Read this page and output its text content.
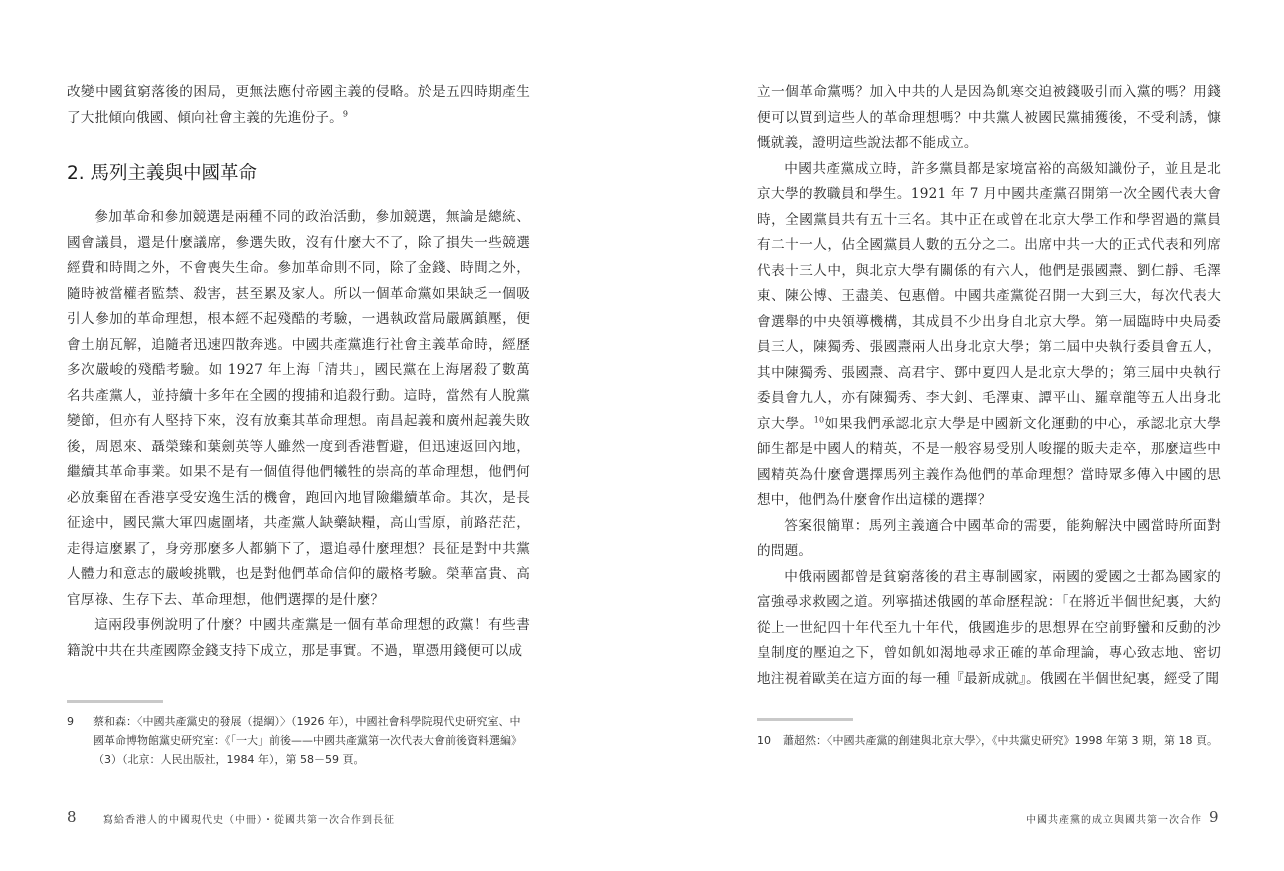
改變中國貧窮落後的困局，更無法應付帝國主義的侵略。於是五四時期產生了大批傾向俄國、傾向社會主義的先進份子。$^9$

2. 馬列主義與中國革命

參加革命和參加競選是兩種不同的政治活動，參加競選，無論是總統、國會議員，還是什麼議席，參選失敗，沒有什麼大不了，除了損失一些競選經費和時間之外，不會喪失生命。參加革命則不同，除了金錢、時間之外，隨時被當權者監禁、殺害，甚至累及家人。所以一個革命黨如果缺乏一個吸引人參加的革命理想，根本經不起殘酷的考驗，一遇執政當局嚴厲鎮壓，便會土崩瓦解，追隨者迅速四散奔逃。中國共產黨進行社會主義革命時，經歷多次嚴峻的殘酷考驗。如 1927 年上海「清共」，國民黨在上海屠殺了數萬名共產黨人，並持續十多年在全國的搜捕和追殺行動。這時，當然有人脫黨變節，但亦有人堅持下來，沒有放棄其革命理想。南昌起義和廣州起義失敗後，周恩來、聶榮臻和葉劍英等人雖然一度到香港暫避，但迅速返回內地，繼續其革命事業。如果不是有一個值得他們犧牲的崇高的革命理想，他們何必放棄留在香港享受安逸生活的機會，跑回內地冒險繼續革命。其次，是長征途中，國民黨大軍四處圍堵，共產黨人缺藥缺糧，高山雪原，前路茫茫，走得這麼累了，身旁那麼多人都躺下了，還追尋什麼理想？長征是對中共黨人體力和意志的嚴峻挑戰，也是對他們革命信仰的嚴格考驗。榮華富貴、高官厚祿、生存下去、革命理想，他們選擇的是什麼？

這兩段事例說明了什麼？中國共產黨是一個有革命理想的政黨！有些書籍說中共在共產國際金錢支持下成立，那是事實。不過，單憑用錢便可以成

9 蔡和森：〈中國共產黨史的發展（提綱）〉（1926 年），中國社會科學院現代史研究室、中國革命博物館黨史研究室：《「一大」前後——中國共產黨第一次代表大會前後資料選編》（3）（北京：人民出版社，1984 年），第 58－59 頁。
8	寫給香港人的中國現代史（中冊）・從國共第一次合作到長征

立一個革命黨嗎？加入中共的人是因為飢寒交迫被錢吸引而入黨的嗎？用錢便可以買到這些人的革命理想嗎？中共黨人被國民黨捕獲後，不受利誘，慷慨就義，證明這些說法都不能成立。

中國共產黨成立時，許多黨員都是家境富裕的高級知識份子，並且是北京大學的教職員和學生。1921 年 7 月中國共產黨召開第一次全國代表大會時，全國黨員共有五十三名。其中正在或曾在北京大學工作和學習過的黨員有二十一人，佔全國黨員人數的五分之二。出席中共一大的正式代表和列席代表十三人中，與北京大學有關係的有六人，他們是張國燾、劉仁靜、毛澤東、陳公博、王盡美、包惠僧。中國共產黨從召開一大到三大，每次代表大會選舉的中央領導機構，其成員不少出身自北京大學。第一屆臨時中央局委員三人，陳獨秀、張國燾兩人出身北京大學；第二屆中央執行委員會五人，其中陳獨秀、張國燾、高君宇、鄧中夏四人是北京大學的；第三屆中央執行委員會九人，亦有陳獨秀、李大釗、毛澤東、譚平山、羅章龍等五人出身北京大學。$^{10}$如果我們承認北京大學是中國新文化運動的中心，承認北京大學師生都是中國人的精英，不是一般容易受別人唆擺的販夫走卒，那麼這些中國精英為什麼會選擇馬列主義作為他們的革命理想？當時眾多傳入中國的思想中，他們為什麼會作出這樣的選擇？

答案很簡單：馬列主義適合中國革命的需要，能夠解決中國當時所面對的問題。

中俄兩國都曾是貧窮落後的君主專制國家，兩國的愛國之士都為國家的富強尋求救國之道。列寧描述俄國的革命歷程說：「在將近半個世紀裏，大約從上一世紀四十年代至九十年代，俄國進步的思想界在空前野蠻和反動的沙皇制度的壓迫之下，曾如飢如渴地尋求正確的革命理論，專心致志地、密切地注視着歐美在這方面的每一種『最新成就』。俄國在半個世紀裏，經受了聞

10 蕭超然：〈中國共產黨的創建與北京大學〉，《中共黨史研究》1998 年第 3 期，第 18 頁。
中國共產黨的成立與國共第一次合作 9
